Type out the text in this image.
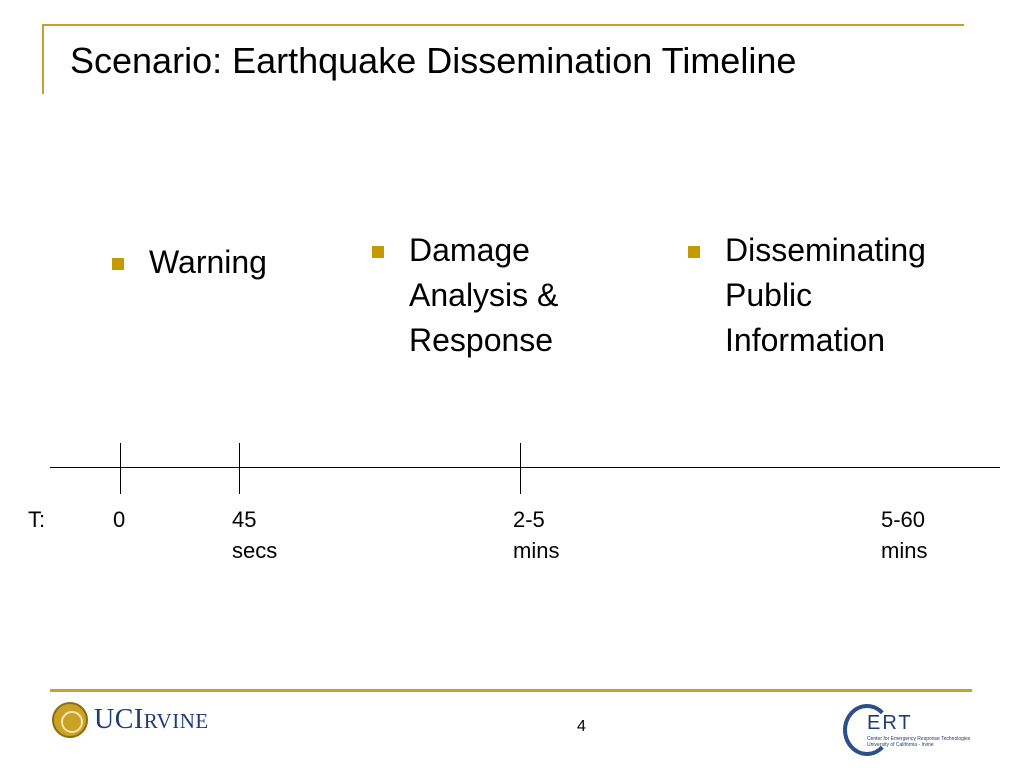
Scenario: Earthquake Dissemination Timeline
Warning	Damage
Analysis &
Response
Disseminating
Public
Information
T:	0	45
secs
2-5
mins
5-60
mins
UCIRVINE	4	ERT
Center for Emergency Response Technologies
University of California - Irvine
